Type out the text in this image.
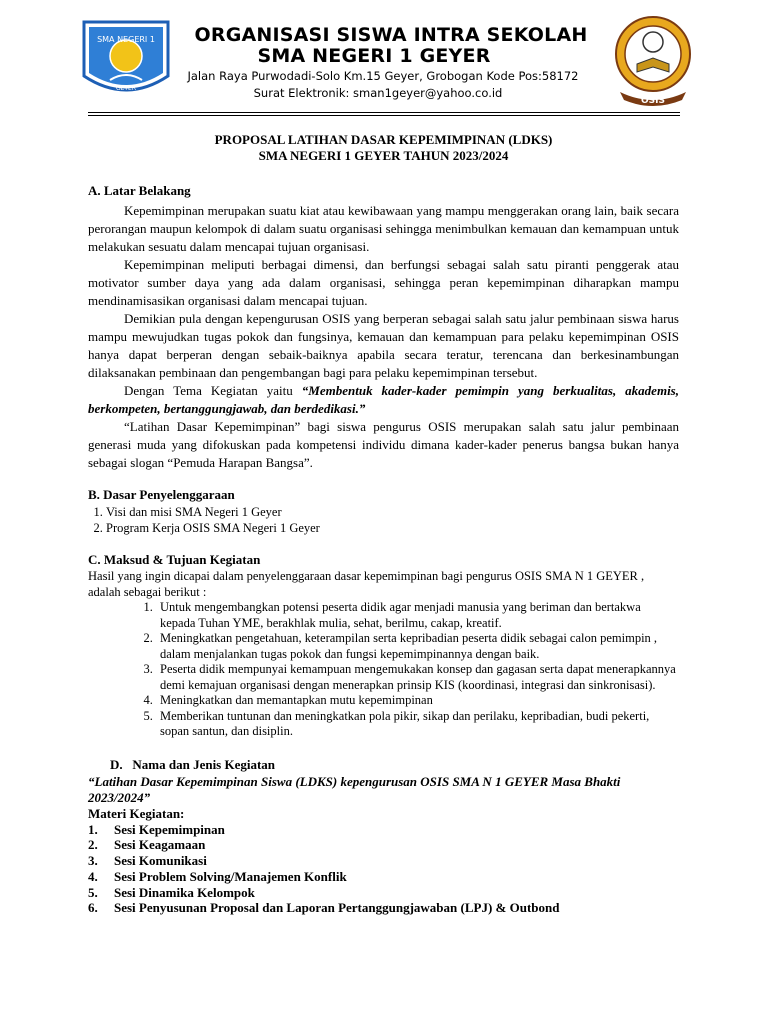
SMA NEGERI 1
GEYER
ORGANISASI SISWA INTRA SEKOLAH
SMA NEGERI 1 GEYER
Jalan Raya Purwodadi-Solo Km.15 Geyer, Grobogan Kode Pos:58172
Surat Elektronik: sman1geyer@yahoo.co.id
OSIS
PROPOSAL LATIHAN DASAR KEPEMIMPINAN (LDKS)
SMA NEGERI 1 GEYER TAHUN 2023/2024
A. Latar Belakang

Kepemimpinan merupakan suatu kiat atau kewibawaan yang mampu menggerakan orang lain, baik secara perorangan maupun kelompok di dalam suatu organisasi sehingga menimbulkan kemauan dan kemampuan untuk melakukan sesuatu dalam mencapai tujuan organisasi.

Kepemimpinan meliputi berbagai dimensi, dan berfungsi sebagai salah satu piranti penggerak atau motivator sumber daya yang ada dalam organisasi, sehingga peran kepemimpinan diharapkan mampu mendinamisasikan organisasi dalam mencapai tujuan.

Demikian pula dengan kepengurusan OSIS yang berperan sebagai salah satu jalur pembinaan siswa harus mampu mewujudkan tugas pokok dan fungsinya, kemauan dan kemampuan para pelaku kepemimpinan OSIS hanya dapat berperan dengan sebaik-baiknya apabila secara teratur, terencana dan berkesinambungan dilaksanakan pembinaan dan pengembangan bagi para pelaku kepemimpinan tersebut.

Dengan Tema Kegiatan yaitu “Membentuk kader-kader pemimpin yang berkualitas, akademis, berkompeten, bertanggungjawab, dan berdedikasi.”

“Latihan Dasar Kepemimpinan” bagi siswa pengurus OSIS merupakan salah satu jalur pembinaan generasi muda yang difokuskan pada kompetensi individu dimana kader-kader penerus bangsa bukan hanya sebagai slogan “Pemuda Harapan Bangsa”.

B. Dasar Penyelenggaraan
1. Visi dan misi SMA Negeri 1 Geyer
2. Program Kerja OSIS SMA Negeri 1 Geyer
C. Maksud & Tujuan Kegiatan

Hasil yang ingin dicapai dalam penyelenggaraan dasar kepemimpinan bagi pengurus OSIS SMA N 1 GEYER , adalah sebagai berikut :

1. Untuk mengembangkan potensi peserta didik agar menjadi manusia yang beriman dan bertakwa kepada Tuhan YME, berakhlak mulia, sehat, berilmu, cakap, kreatif.
2. Meningkatkan pengetahuan, keterampilan serta kepribadian peserta didik sebagai calon pemimpin , dalam menjalankan tugas pokok dan fungsi kepemimpinannya dengan baik.
3. Peserta didik mempunyai kemampuan mengemukakan konsep dan gagasan serta dapat menerapkannya demi kemajuan organisasi dengan menerapkan prinsip KIS (koordinasi, integrasi dan sinkronisasi).
4. Meningkatkan dan memantapkan mutu kepemimpinan
5. Memberikan tuntunan dan meningkatkan pola pikir, sikap dan perilaku, kepribadian, budi pekerti, sopan santun, dan disiplin.
D.   Nama dan Jenis Kegiatan
“Latihan Dasar Kepemimpinan Siswa (LDKS) kepengurusan OSIS SMA N 1 GEYER Masa Bhakti 2023/2024”
Materi Kegiatan:
1. Sesi Kepemimpinan
2. Sesi Keagamaan
3. Sesi Komunikasi
4. Sesi Problem Solving/Manajemen Konflik
5. Sesi Dinamika Kelompok
6. Sesi Penyusunan Proposal dan Laporan Pertanggungjawaban (LPJ) & Outbond
